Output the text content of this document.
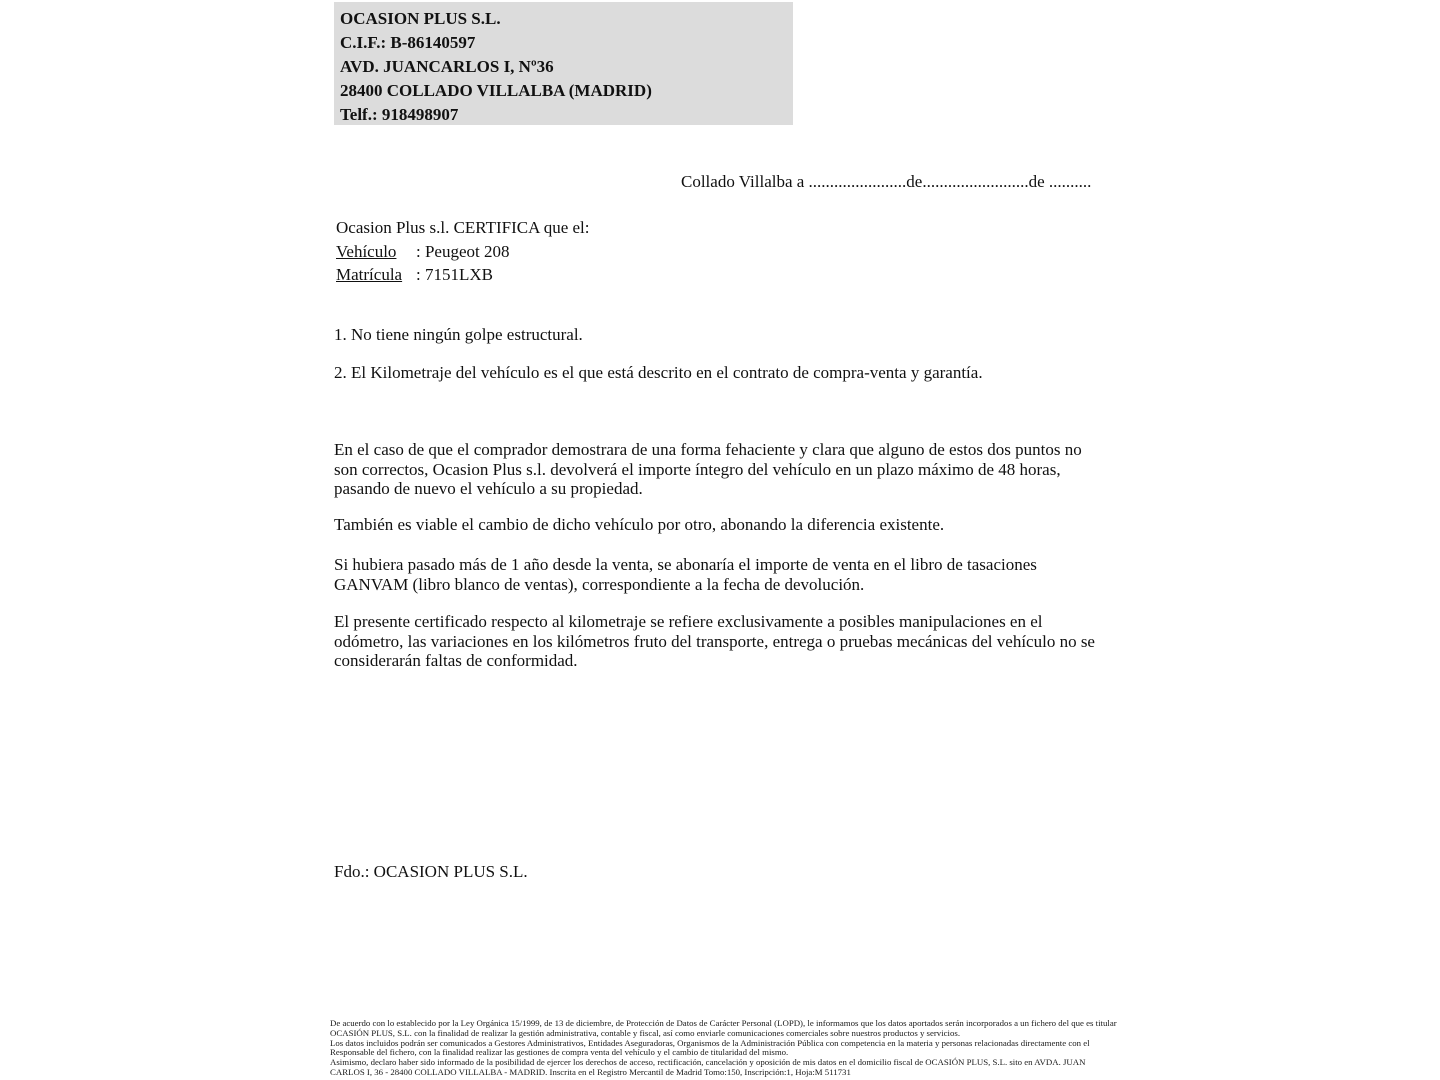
OCASION PLUS S.L.
C.I.F.: B-86140597
AVD. JUANCARLOS I, Nº36
28400 COLLADO VILLALBA (MADRID)
Telf.: 918498907
Collado Villalba a .......................de.........................de ..........
Ocasion Plus s.l. CERTIFICA que el:
Vehículo : Peugeot 208
Matrícula : 7151LXB
1. No tiene ningún golpe estructural.
2. El Kilometraje del vehículo es el que está descrito en el contrato de compra-venta y garantía.
En el caso de que el comprador demostrara de una forma fehaciente y clara que alguno de estos dos puntos no son correctos, Ocasion Plus s.l. devolverá el importe íntegro del vehículo en un plazo máximo de 48 horas, pasando de nuevo el vehículo a su propiedad.
También es viable el cambio de dicho vehículo por otro, abonando la diferencia existente.
Si hubiera pasado más de 1 año desde la venta, se abonaría el importe de venta en el libro de tasaciones GANVAM (libro blanco de ventas), correspondiente a la fecha de devolución.
El presente certificado respecto al kilometraje se refiere exclusivamente a posibles manipulaciones en el odómetro, las variaciones en los kilómetros fruto del transporte, entrega o pruebas mecánicas del vehículo no se considerarán faltas de conformidad.
Fdo.: OCASION PLUS S.L.
De acuerdo con lo establecido por la Ley Orgánica 15/1999, de 13 de diciembre, de Protección de Datos de Carácter Personal (LOPD), le informamos que los datos aportados serán incorporados a un fichero del que es titular
OCASIÓN PLUS, S.L. con la finalidad de realizar la gestión administrativa, contable y fiscal, así como enviarle comunicaciones comerciales sobre nuestros productos y servicios.
Los datos incluidos podrán ser comunicados a Gestores Administrativos, Entidades Aseguradoras, Organismos de la Administración Pública con competencia en la materia y personas relacionadas directamente con el
Responsable del fichero, con la finalidad realizar las gestiones de compra venta del vehículo y el cambio de titularidad del mismo.
Asimismo, declaro haber sido informado de la posibilidad de ejercer los derechos de acceso, rectificación, cancelación y oposición de mis datos en el domicilio fiscal de OCASIÓN PLUS, S.L. sito en AVDA. JUAN
CARLOS I, 36 - 28400 COLLADO VILLALBA - MADRID. Inscrita en el Registro Mercantil de Madrid Tomo:150, Inscripción:1, Hoja:M 511731
